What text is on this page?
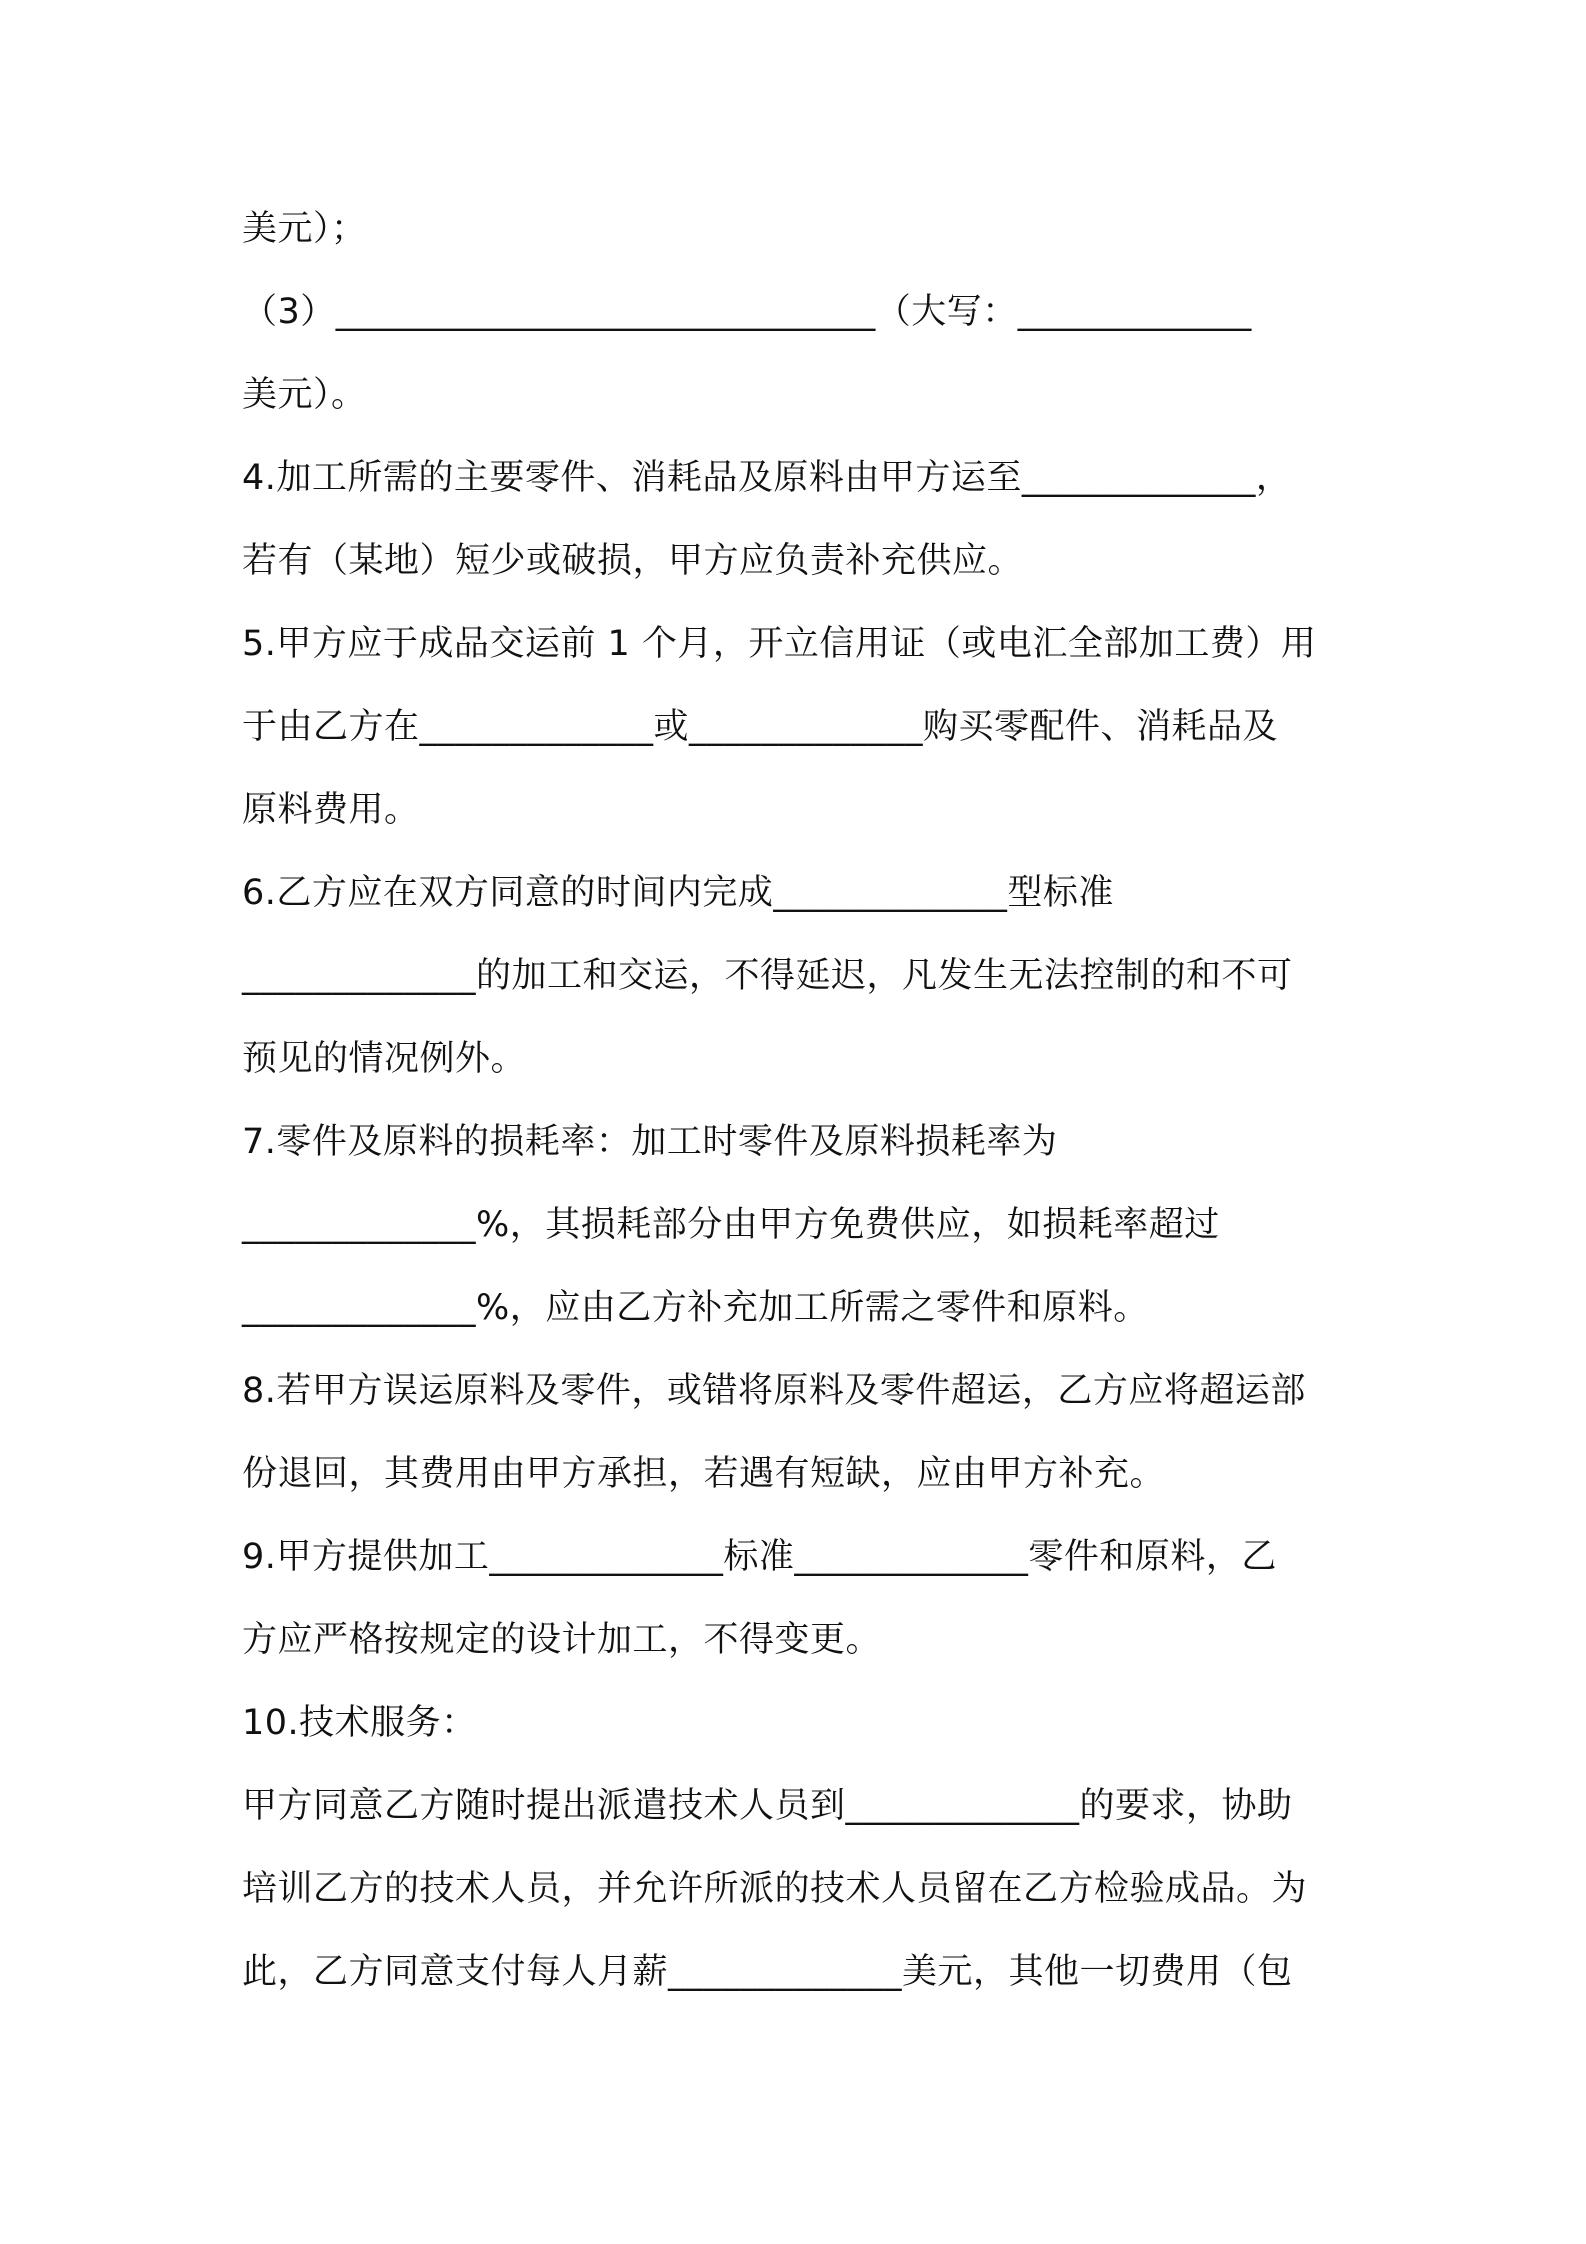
美元）；
（3）______________________________（大写：_____________
美元）。
4.加工所需的主要零件、消耗品及原料由甲方运至_____________，
若有（某地）短少或破损，甲方应负责补充供应。
5.甲方应于成品交运前 1 个月，开立信用证（或电汇全部加工费）用
于由乙方在_____________或_____________购买零配件、消耗品及
原料费用。
6.乙方应在双方同意的时间内完成_____________型标准
_____________的加工和交运，不得延迟，凡发生无法控制的和不可
预见的情况例外。
7.零件及原料的损耗率：加工时零件及原料损耗率为
_____________%，其损耗部分由甲方免费供应，如损耗率超过
_____________%，应由乙方补充加工所需之零件和原料。
8.若甲方误运原料及零件，或错将原料及零件超运，乙方应将超运部
份退回，其费用由甲方承担，若遇有短缺，应由甲方补充。
9.甲方提供加工_____________标准_____________零件和原料，乙
方应严格按规定的设计加工，不得变更。
10.技术服务：
甲方同意乙方随时提出派遣技术人员到_____________的要求，协助
培训乙方的技术人员，并允许所派的技术人员留在乙方检验成品。为
此，乙方同意支付每人月薪_____________美元，其他一切费用（包
